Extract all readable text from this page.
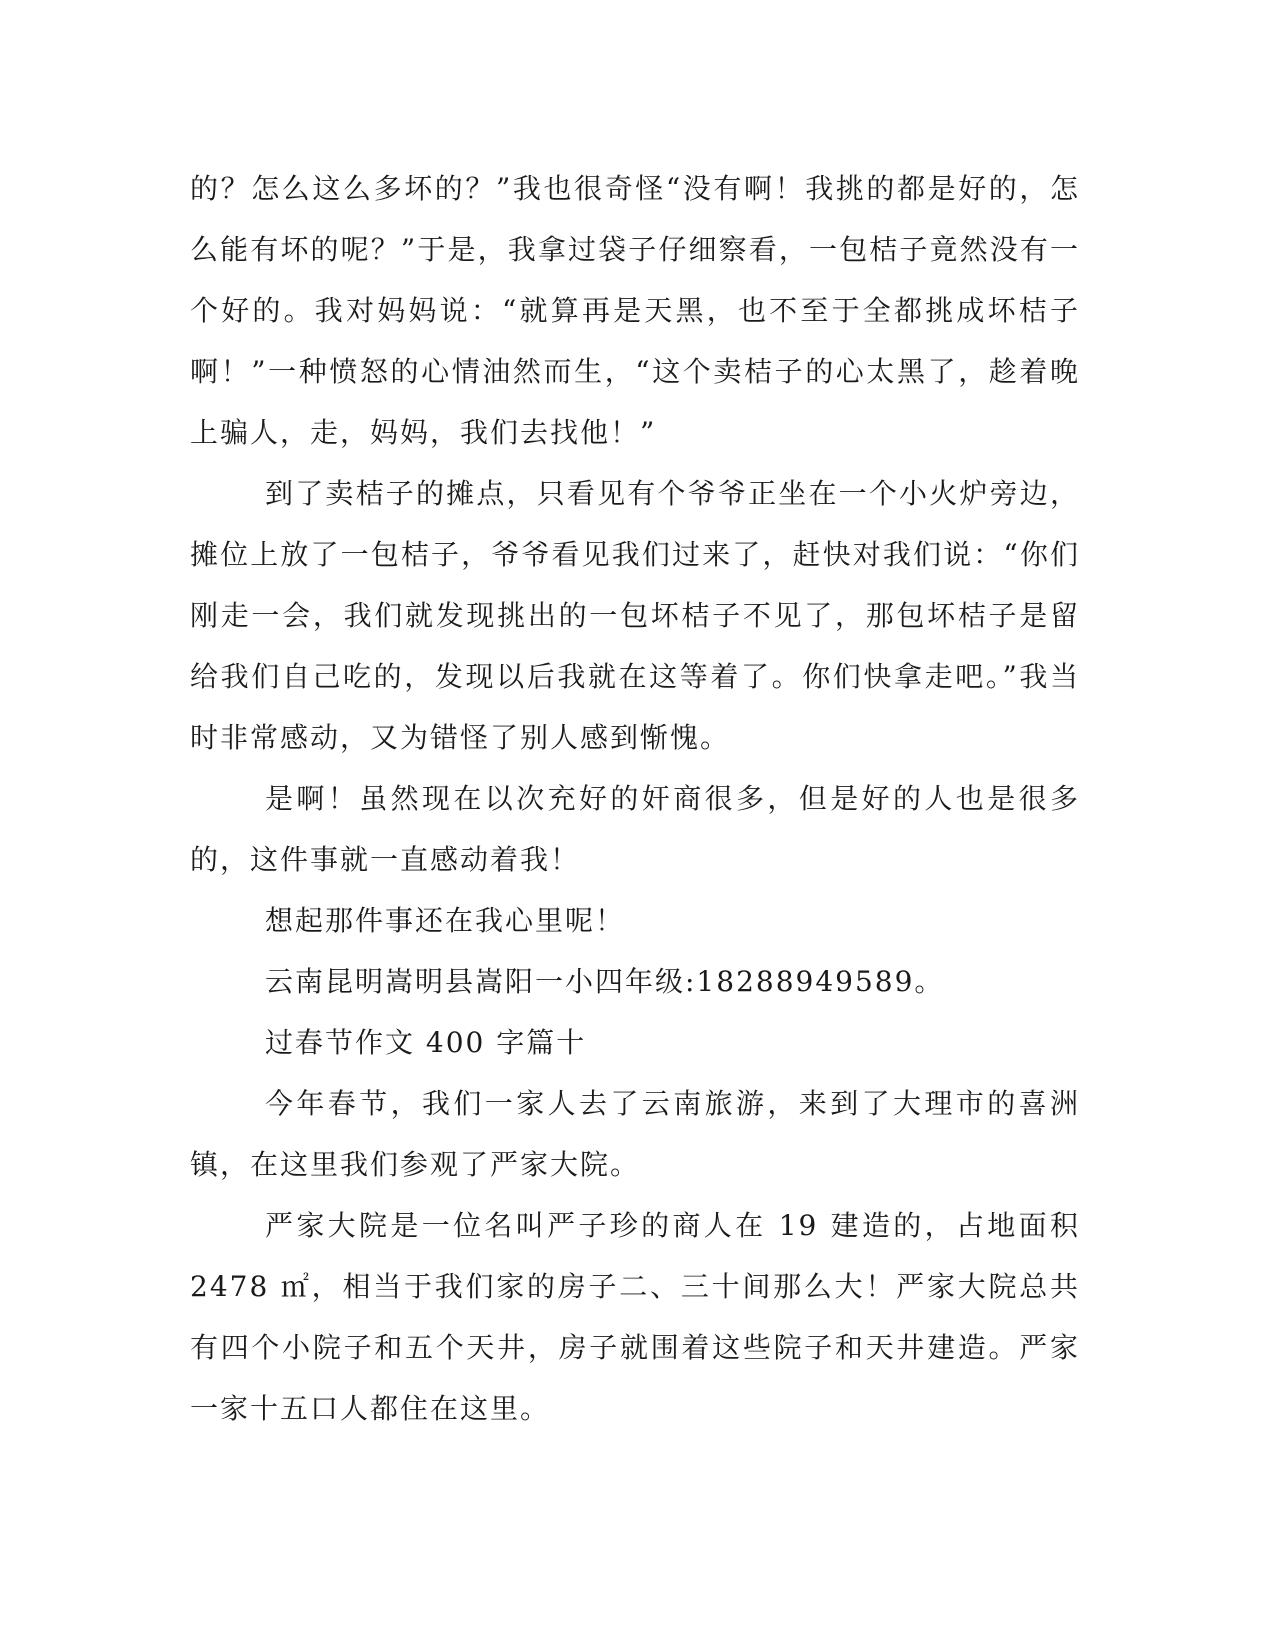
的？怎么这么多坏的？”我也很奇怪“没有啊！我挑的都是好的，怎么能有坏的呢？”于是，我拿过袋子仔细察看，一包桔子竟然没有一个好的。我对妈妈说：“就算再是天黑，也不至于全都挑成坏桔子啊！”一种愤怒的心情油然而生，“这个卖桔子的心太黑了，趁着晚上骗人，走，妈妈，我们去找他！”

到了卖桔子的摊点，只看见有个爷爷正坐在一个小火炉旁边，摊位上放了一包桔子，爷爷看见我们过来了，赶快对我们说：“你们刚走一会，我们就发现挑出的一包坏桔子不见了，那包坏桔子是留给我们自己吃的，发现以后我就在这等着了。你们快拿走吧。”我当时非常感动，又为错怪了别人感到惭愧。

是啊！虽然现在以次充好的奸商很多，但是好的人也是很多的，这件事就一直感动着我！

想起那件事还在我心里呢！

云南昆明嵩明县嵩阳一小四年级:18288949589。

过春节作文 400 字篇十

今年春节，我们一家人去了云南旅游，来到了大理市的喜洲镇，在这里我们参观了严家大院。

严家大院是一位名叫严子珍的商人在 19 建造的，占地面积 2478 ㎡，相当于我们家的房子二、三十间那么大！严家大院总共有四个小院子和五个天井，房子就围着这些院子和天井建造。严家一家十五口人都住在这里。
